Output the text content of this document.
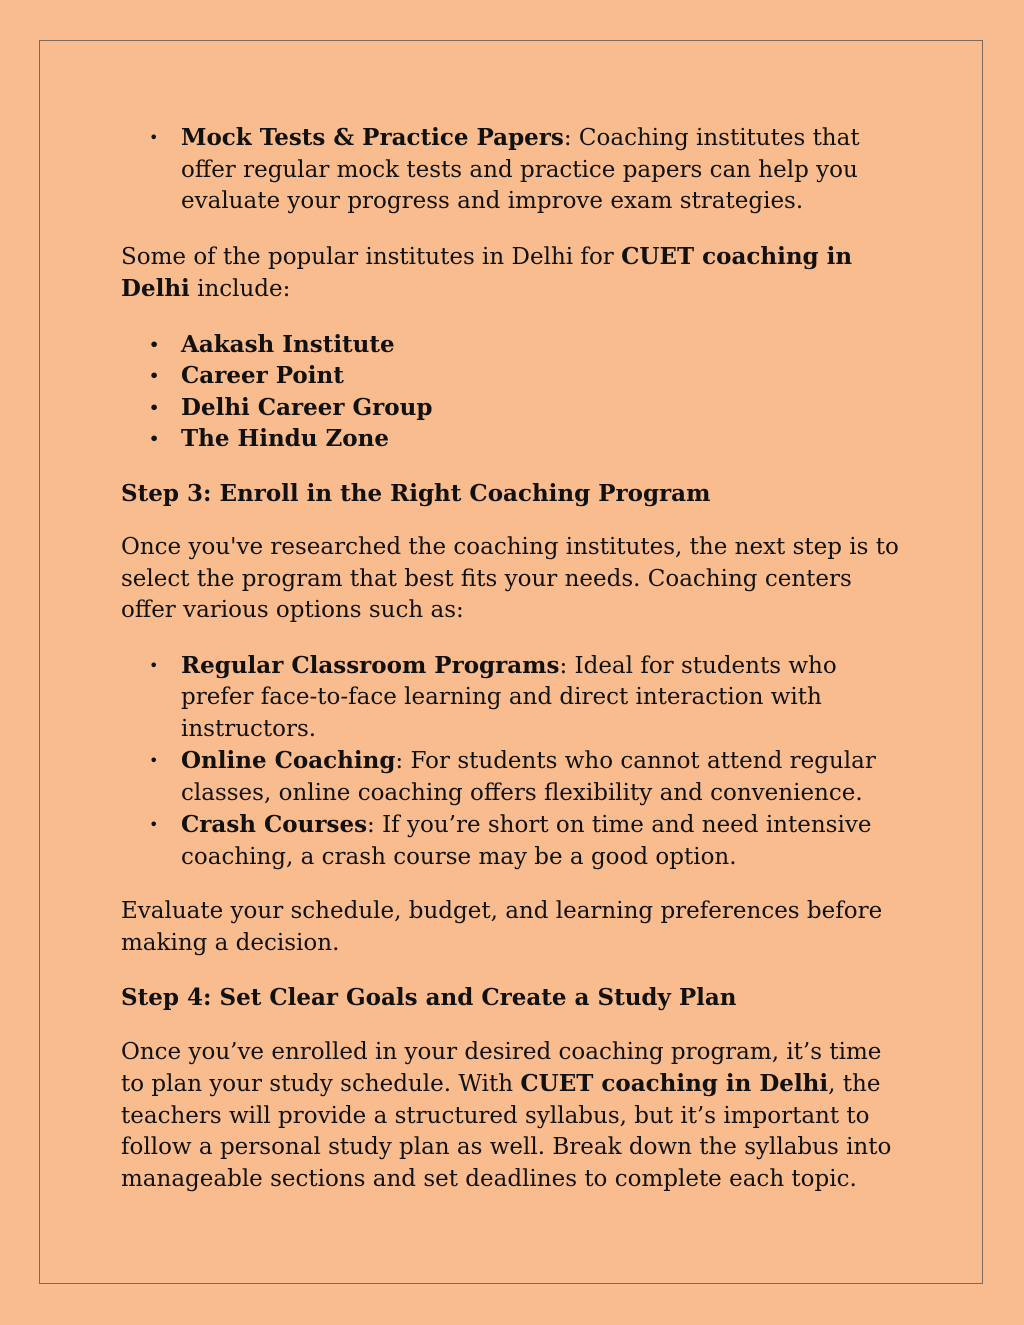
• Mock Tests & Practice Papers: Coaching institutes that offer regular mock tests and practice papers can help you evaluate your progress and improve exam strategies.

Some of the popular institutes in Delhi for CUET coaching in Delhi include:

• Aakash Institute
• Career Point
• Delhi Career Group
• The Hindu Zone

Step 3: Enroll in the Right Coaching Program

Once you've researched the coaching institutes, the next step is to select the program that best fits your needs. Coaching centers offer various options such as:

• Regular Classroom Programs: Ideal for students who prefer face-to-face learning and direct interaction with instructors.
• Online Coaching: For students who cannot attend regular classes, online coaching offers flexibility and convenience.
• Crash Courses: If you’re short on time and need intensive coaching, a crash course may be a good option.

Evaluate your schedule, budget, and learning preferences before making a decision.

Step 4: Set Clear Goals and Create a Study Plan

Once you’ve enrolled in your desired coaching program, it’s time to plan your study schedule. With CUET coaching in Delhi, the teachers will provide a structured syllabus, but it’s important to follow a personal study plan as well. Break down the syllabus into manageable sections and set deadlines to complete each topic.
